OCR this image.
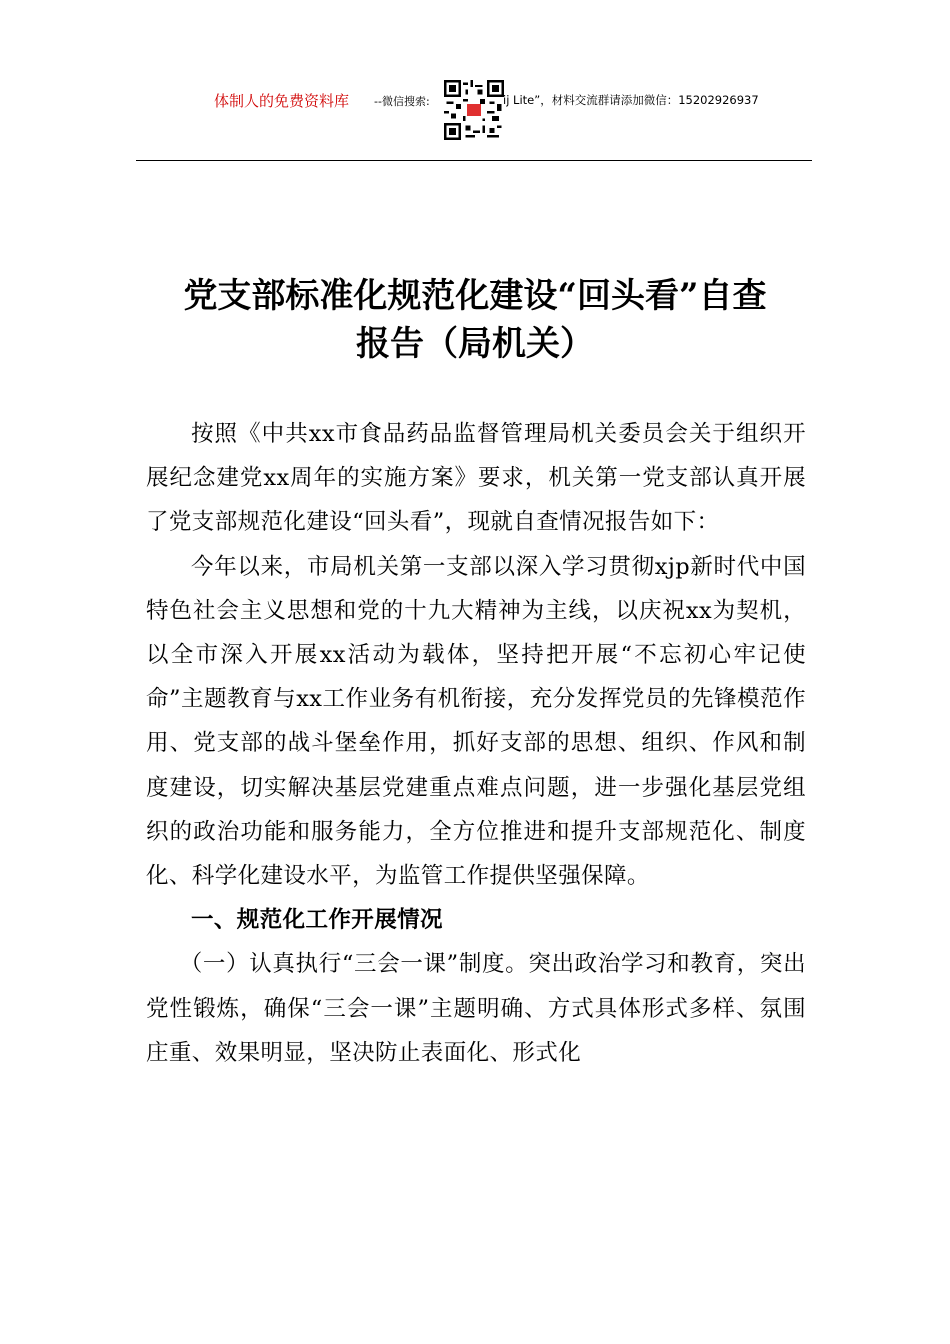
体制人的免费资料库 --微信搜索:	ij Lite”，材料交流群请添加微信：15202926937
党支部标准化规范化建设“回头看”自查
报告（局机关）

按照《中共xx市食品药品监督管理局机关委员会关于组织开展纪念建党xx周年的实施方案》要求，机关第一党支部认真开展了党支部规范化建设“回头看”，现就自查情况报告如下：

今年以来，市局机关第一支部以深入学习贯彻xjp新时代中国特色社会主义思想和党的十九大精神为主线，以庆祝xx为契机，以全市深入开展xx活动为载体，坚持把开展“不忘初心牢记使命”主题教育与xx工作业务有机衔接，充分发挥党员的先锋模范作用、党支部的战斗堡垒作用，抓好支部的思想、组织、作风和制度建设，切实解决基层党建重点难点问题，进一步强化基层党组织的政治功能和服务能力，全方位推进和提升支部规范化、制度化、科学化建设水平，为监管工作提供坚强保障。

一、规范化工作开展情况

（一）认真执行“三会一课”制度。突出政治学习和教育，突出党性锻炼，确保“三会一课”主题明确、方式具体形式多样、氛围庄重、效果明显，坚决防止表面化、形式化
